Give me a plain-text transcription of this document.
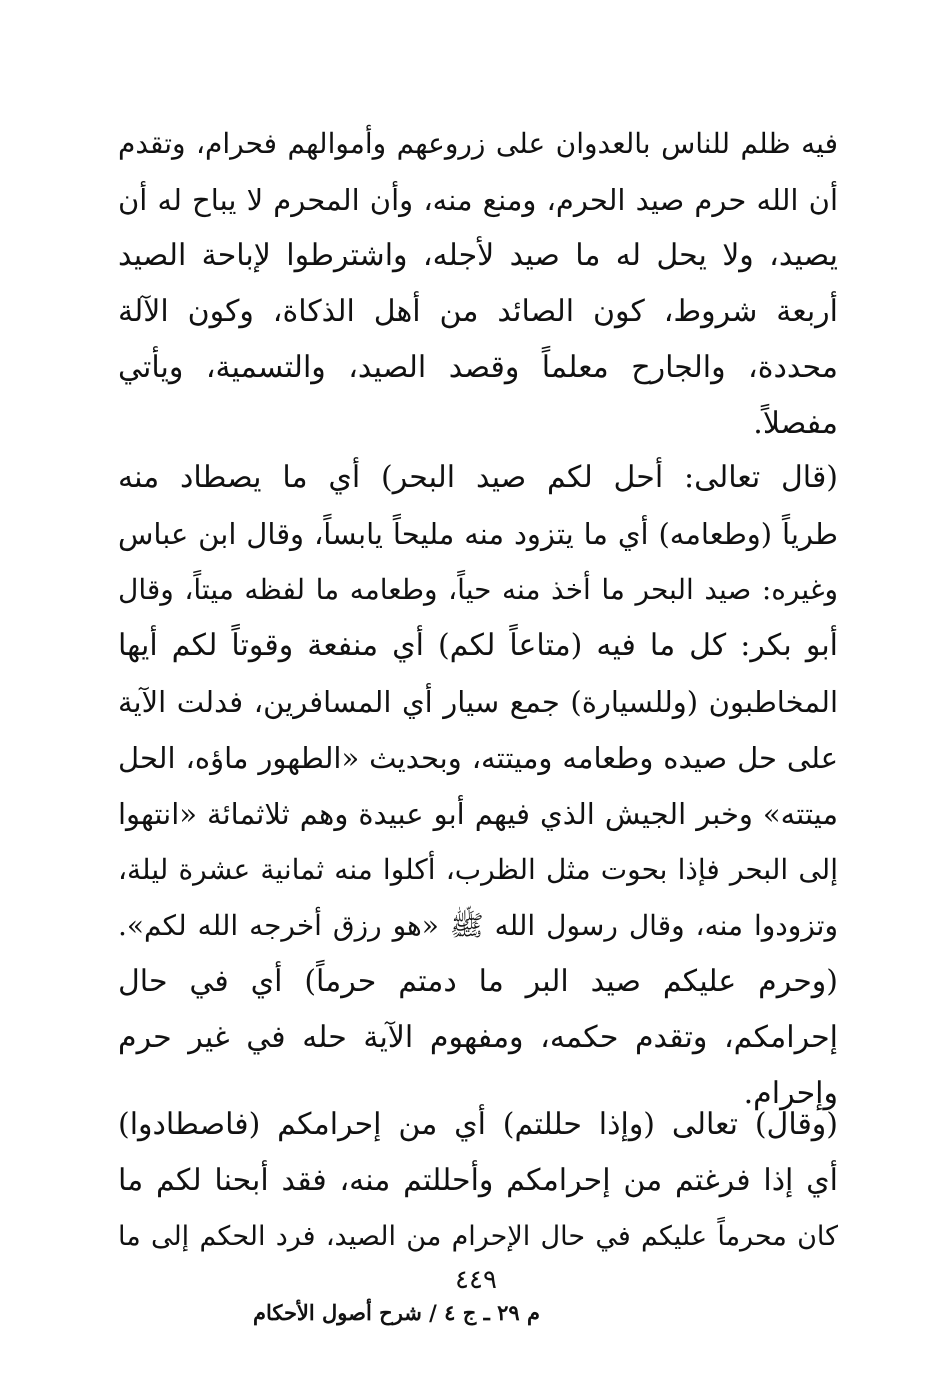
فيه ظلم للناس بالعدوان على زروعهم وأموالهم فحرام، وتقدم
أن الله حرم صيد الحرم، ومنع منه، وأن المحرم لا يباح له أن
يصيد، ولا يحل له ما صيد لأجله، واشترطوا لإباحة الصيد
أربعة شروط، كون الصائد من أهل الذكاة، وكون الآلة
محددة، والجارح معلماً وقصد الصيد، والتسمية، ويأتي
مفصلاً.
(قال تعالى: أحل لكم صيد البحر) أي ما يصطاد منه
طرياً (وطعامه) أي ما يتزود منه مليحاً يابساً، وقال ابن عباس
وغيره: صيد البحر ما أخذ منه حياً، وطعامه ما لفظه ميتاً، وقال
أبو بكر: كل ما فيه (متاعاً لكم) أي منفعة وقوتاً لكم أيها
المخاطبون (وللسيارة) جمع سيار أي المسافرين، فدلت الآية
على حل صيده وطعامه وميتته، وبحديث «الطهور ماؤه، الحل
ميتته» وخبر الجيش الذي فيهم أبو عبيدة وهم ثلاثمائة «انتهوا
إلى البحر فإذا بحوت مثل الظرب، أكلوا منه ثمانية عشرة ليلة،
وتزودوا منه، وقال رسول الله ﷺ «هو رزق أخرجه الله لكم».
(وحرم عليكم صيد البر ما دمتم حرماً) أي في حال
إحرامكم، وتقدم حكمه، ومفهوم الآية حله في غير حرم
وإحرام.
(وقال) تعالى (وإذا حللتم) أي من إحرامكم (فاصطادوا)
أي إذا فرغتم من إحرامكم وأحللتم منه، فقد أبحنا لكم ما
كان محرماً عليكم في حال الإحرام من الصيد، فرد الحكم إلى ما
٤٤٩
م ٢٩ ـ ج ٤ / شرح أصول الأحكام
